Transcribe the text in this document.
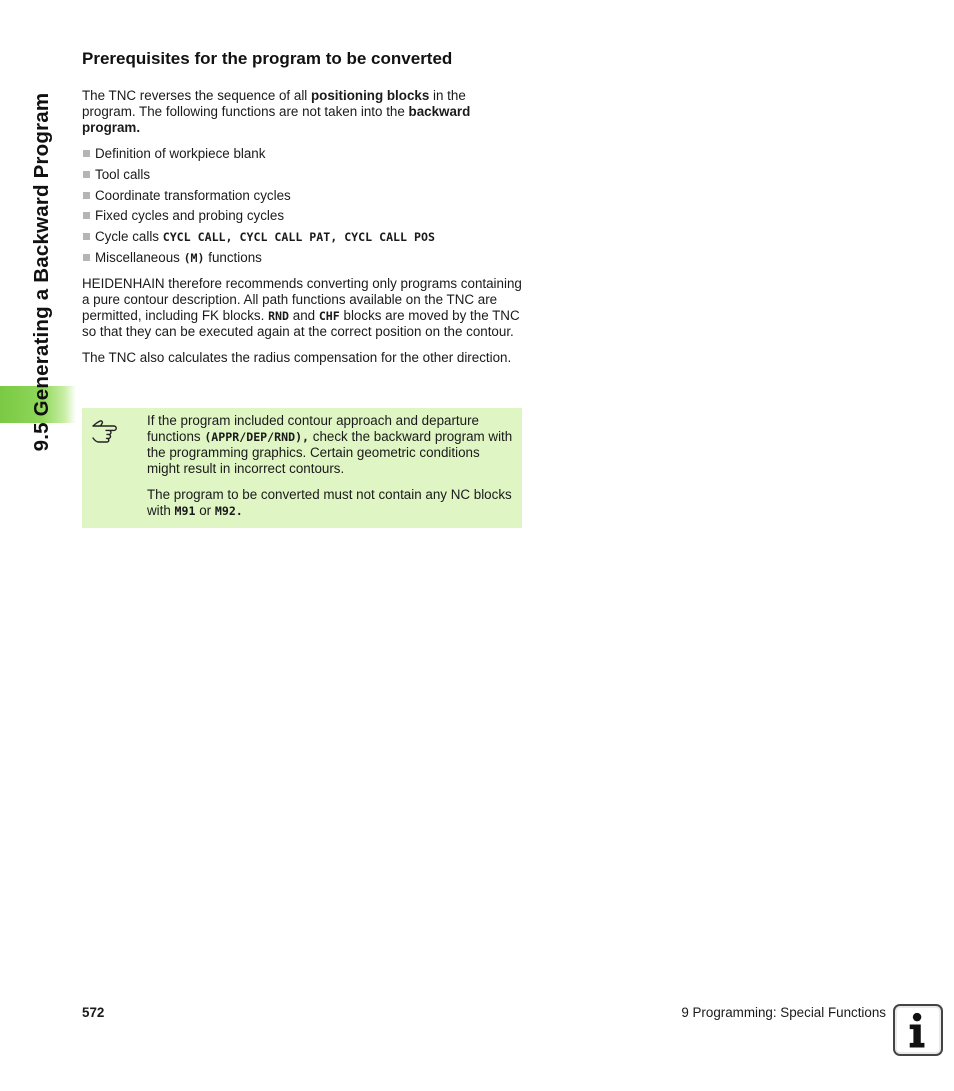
9.5 Generating a Backward Program
Prerequisites for the program to be converted

The TNC reverses the sequence of all positioning blocks in the program. The following functions are not taken into the backward program.

Definition of workpiece blank
Tool calls
Coordinate transformation cycles
Fixed cycles and probing cycles
Cycle calls CYCL CALL, CYCL CALL PAT, CYCL CALL POS
Miscellaneous (M) functions

HEIDENHAIN therefore recommends converting only programs containing a pure contour description. All path functions available on the TNC are permitted, including FK blocks. RND and CHF blocks are moved by the TNC so that they can be executed again at the correct position on the contour.

The TNC also calculates the radius compensation for the other direction.

If the program included contour approach and departure functions (APPR/DEP/RND), check the backward program with the programming graphics. Certain geometric conditions might result in incorrect contours.

The program to be converted must not contain any NC blocks with M91 or M92.

572	9 Programming: Special Functions
